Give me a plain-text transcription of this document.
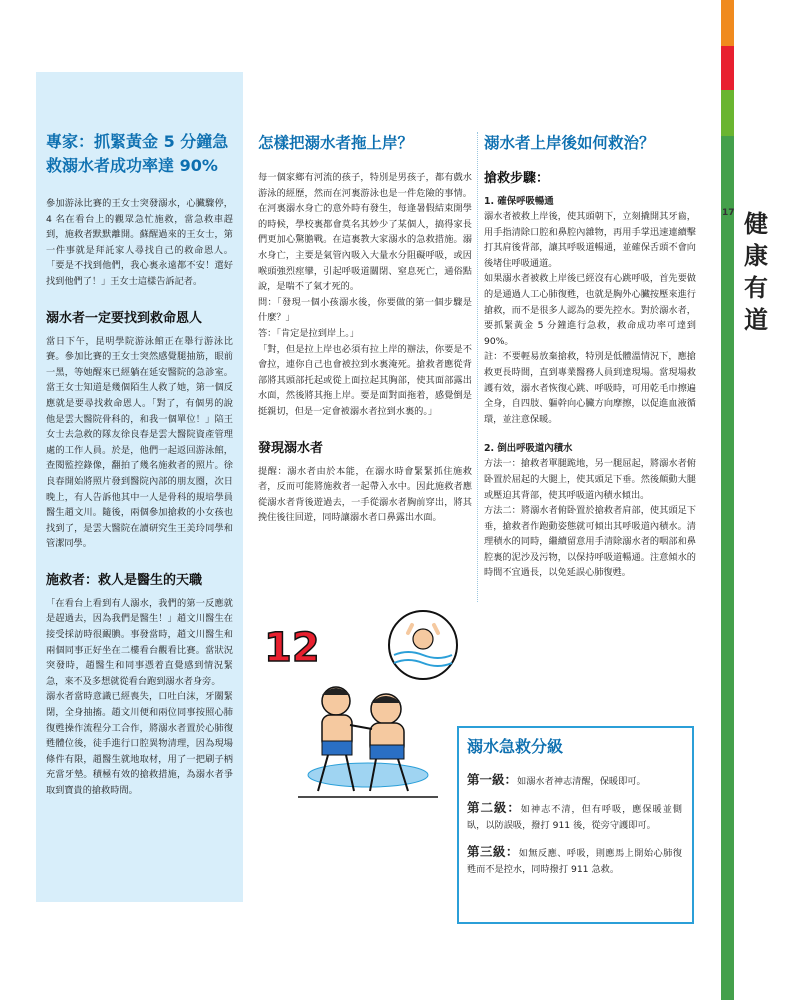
17 健
康
有
道
專家：抓緊黃金 5 分鐘急
救溺水者成功率達 90%

參加游泳比賽的王女士突發溺水，心臟驟停，4 名在看台上的觀眾急忙施救，當急救車趕到，施救者默默離開。蘇醒過來的王女士，第一件事就是拜託家人尋找自己的救命恩人。「要是不找到他們，我心裏永遠都不安！還好找到他們了！」王女士這樣告訴記者。

溺水者一定要找到救命恩人

當日下午，昆明學院游泳館正在舉行游泳比賽。參加比賽的王女士突然感覺腿抽筋，眼前一黑，等她醒來已經躺在延安醫院的急診室。當王女士知道是幾個陌生人救了她，第一個反應就是要尋找救命恩人。「對了，有個男的說他是雲大醫院骨科的，和我一個單位！」陪王女士去急救的隊友徐良春是雲大醫院資產管理處的工作人員。於是，他們一起返回游泳館，查閱監控錄像，翻拍了幾名施救者的照片。徐良春開始將照片發到醫院內部的朋友圈，次日晚上，有人告訴他其中一人是骨科的規培學員醫生趙文川。隨後，兩個參加搶救的小女孩也找到了，是雲大醫院在讀研究生王美玲同學和管潔同學。

施救者：救人是醫生的天職

「在看台上看到有人溺水，我們的第一反應就是趕過去，因為我們是醫生！」趙文川醫生在接受採訪時很靦腆。事發當時，趙文川醫生和兩個同事正好坐在二樓看台觀看比賽。當狀況突發時，趙醫生和同事憑着直覺感到情況緊急，來不及多想就從看台跑到溺水者身旁。

溺水者當時意識已經喪失，口吐白沫，牙關緊閉，全身抽搐。趙文川便和兩位同事按照心肺復甦操作流程分工合作，將溺水者置於心肺復甦體位後，徒手進行口腔異物清理，因為現場條件有限，趙醫生就地取材，用了一把刷子柄充當牙墊。積極有效的搶救措施，為溺水者爭取到寶貴的搶救時間。

怎樣把溺水者拖上岸？

每一個家鄉有河流的孩子，特別是男孩子，都有戲水游泳的經歷，然而在河裏游泳也是一件危險的事情。在河裏溺水身亡的意外時有發生，每逢暑假結束開學的時候，學校裏都會莫名其妙少了某個人，搞得家長們更加心驚膽戰。在這裏教大家溺水的急救措施。溺水身亡，主要是氣管內吸入大量水分阻礙呼吸，或因喉頭強烈痙攣，引起呼吸道關閉、窒息死亡，通俗點說，是喘不了氣才死的。

問：「發現一個小孩溺水後，你要做的第一個步驟是什麼？」

答：「肯定是拉到岸上。」

「對，但是拉上岸也必須有拉上岸的辦法，你要是不會拉，連你自己也會被拉到水裏淹死。搶救者應從背部將其頭部托起或從上面拉起其胸部，使其面部露出水面，然後將其拖上岸。要是面對面拖着，感覺倒是挺親切，但是一定會被溺水者拉到水裏的。」

發現溺水者

提醒：溺水者由於本能，在溺水時會緊緊抓住施救者，反而可能將施救者一起帶入水中。因此施救者應從溺水者背後遊過去，一手從溺水者胸前穿出，將其挽住後往回遊，同時讓溺水者口鼻露出水面。

溺水者上岸後如何救治？
搶救步驟：

1. 確保呼吸暢通

溺水者被救上岸後，使其頭朝下，立刻撬開其牙齒，用手指清除口腔和鼻腔內雜物，再用手掌迅速連續擊打其肩後背部，讓其呼吸道暢通，並確保舌頭不會向後堵住呼吸通道。

如果溺水者被救上岸後已經沒有心跳呼吸，首先要做的是通過人工心肺復甦，也就是胸外心臟按壓來進行搶救，而不是很多人認為的要先控水。對於溺水者，要抓緊黃金 5 分鐘進行急救，救命成功率可達到 90%。

註：不要輕易放棄搶救，特別是低體溫情況下，應搶救更長時間，直到專業醫務人員到達現場。當現場救護有效，溺水者恢復心跳、呼吸時，可用乾毛巾擦遍全身，自四肢、軀幹向心臟方向摩擦，以促進血液循環，並注意保暖。

2. 倒出呼吸道內積水

方法一：搶救者單腿跪地，另一腿屈起，將溺水者俯卧置於屈起的大腿上，使其頭足下垂。然後顛動大腿或壓迫其背部，使其呼吸道內積水傾出。

方法二：將溺水者俯卧置於搶救者肩部，使其頭足下垂，搶救者作跑動姿態就可傾出其呼吸道內積水。清理積水的同時，繼續留意用手清除溺水者的咽部和鼻腔裏的泥沙及污物，以保持呼吸道暢通。注意傾水的時間不宜過長，以免延誤心肺復甦。

12
溺水急救分級

第一級：如溺水者神志清醒，保暖即可。

第二級：如神志不清，但有呼吸，應保暖並側臥，以防誤吸，撥打 911 後，從旁守護即可。

第三級：如無反應、呼吸，則應馬上開始心肺復甦而不是控水，同時撥打 911 急救。
